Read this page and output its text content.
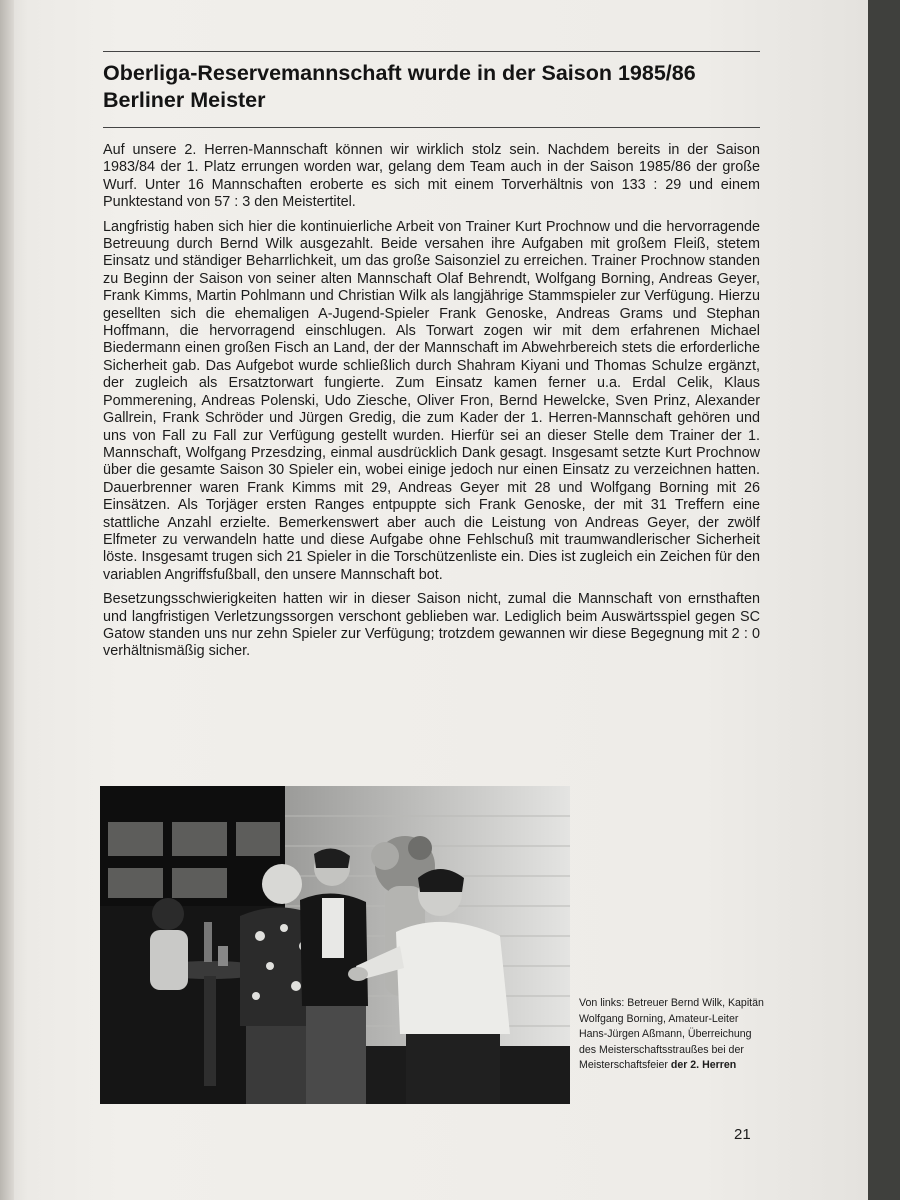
Oberliga-Reservemannschaft wurde in der Saison 1985/86 Berliner Meister

Auf unsere 2. Herren-Mannschaft können wir wirklich stolz sein. Nachdem bereits in der Saison 1983/84 der 1. Platz errungen worden war, gelang dem Team auch in der Saison 1985/86 der große Wurf. Unter 16 Mannschaften eroberte es sich mit einem Torverhältnis von 133 : 29 und einem Punktestand von 57 : 3 den Meistertitel.

Langfristig haben sich hier die kontinuierliche Arbeit von Trainer Kurt Prochnow und die hervorragende Betreuung durch Bernd Wilk ausgezahlt. Beide versahen ihre Aufgaben mit großem Fleiß, stetem Einsatz und ständiger Beharrlichkeit, um das große Saisonziel zu erreichen. Trainer Prochnow standen zu Beginn der Saison von seiner alten Mannschaft Olaf Behrendt, Wolfgang Borning, Andreas Geyer, Frank Kimms, Martin Pohlmann und Christian Wilk als langjährige Stammspieler zur Verfügung. Hierzu gesellten sich die ehemaligen A-Jugend-Spieler Frank Genoske, Andreas Grams und Stephan Hoffmann, die hervorragend einschlugen. Als Torwart zogen wir mit dem erfahrenen Michael Biedermann einen großen Fisch an Land, der der Mannschaft im Abwehrbereich stets die erforderliche Sicherheit gab. Das Aufgebot wurde schließlich durch Shahram Kiyani und Thomas Schulze ergänzt, der zugleich als Ersatztorwart fungierte. Zum Einsatz kamen ferner u.a. Erdal Celik, Klaus Pommerening, Andreas Polenski, Udo Ziesche, Oliver Fron, Bernd Hewelcke, Sven Prinz, Alexander Gallrein, Frank Schröder und Jürgen Gredig, die zum Kader der 1. Herren-Mannschaft gehören und uns von Fall zu Fall zur Verfügung gestellt wurden. Hierfür sei an dieser Stelle dem Trainer der 1. Mannschaft, Wolfgang Przesdzing, einmal ausdrücklich Dank gesagt. Insgesamt setzte Kurt Prochnow über die gesamte Saison 30 Spieler ein, wobei einige jedoch nur einen Einsatz zu verzeichnen hatten. Dauerbrenner waren Frank Kimms mit 29, Andreas Geyer mit 28 und Wolfgang Borning mit 26 Einsätzen. Als Torjäger ersten Ranges entpuppte sich Frank Genoske, der mit 31 Treffern eine stattliche Anzahl erzielte. Bemerkenswert aber auch die Leistung von Andreas Geyer, der zwölf Elfmeter zu verwandeln hatte und diese Aufgabe ohne Fehlschuß mit traumwandlerischer Sicherheit löste. Insgesamt trugen sich 21 Spieler in die Torschützenliste ein. Dies ist zugleich ein Zeichen für den variablen Angriffsfußball, den unsere Mannschaft bot.

Besetzungsschwierigkeiten hatten wir in dieser Saison nicht, zumal die Mannschaft von ernsthaften und langfristigen Verletzungssorgen verschont geblieben war. Lediglich beim Auswärtsspiel gegen SC Gatow standen uns nur zehn Spieler zur Verfügung; trotzdem gewannen wir diese Begegnung mit 2 : 0 verhältnismäßig sicher.

Von links: Betreuer Bernd Wilk, Kapitän Wolfgang Borning, Amateur-Leiter Hans-Jürgen Aßmann, Überreichung des Meisterschaftsstraußes bei der Meisterschaftsfeier der 2. Herren
21
